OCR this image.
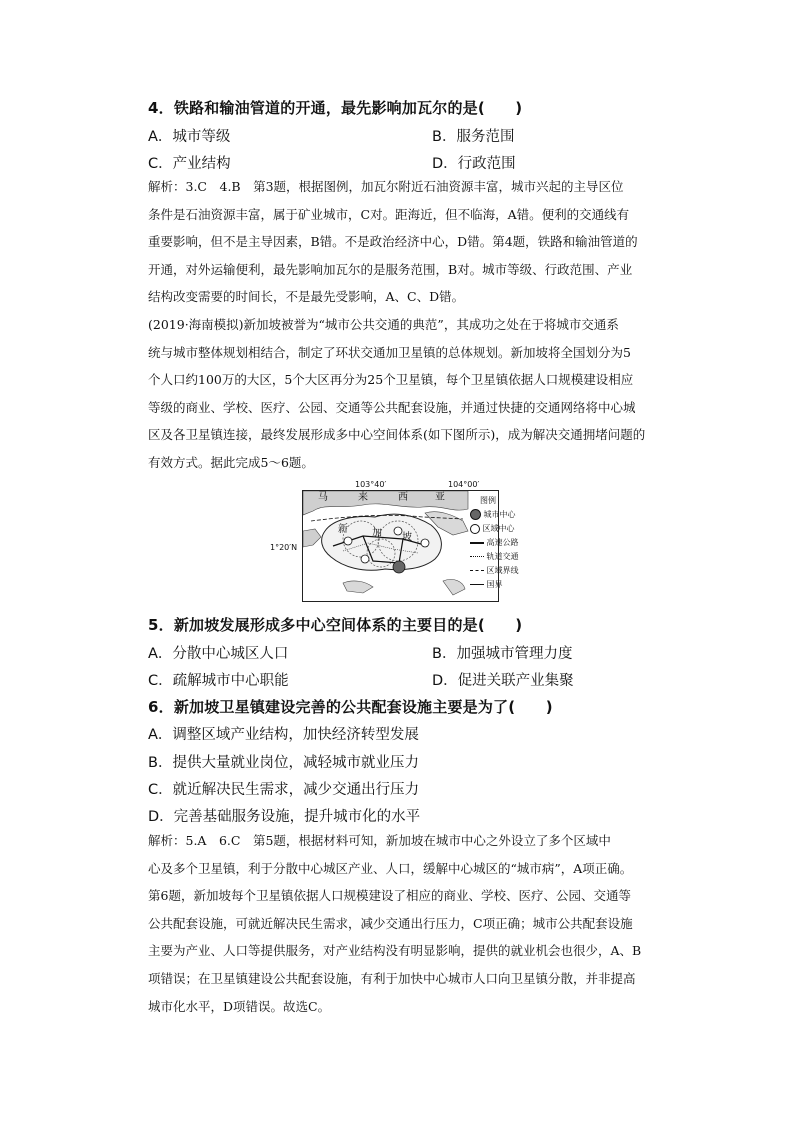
4．铁路和输油管道的开通，最先影响加瓦尔的是(　　)
A．城市等级	B．服务范围
C．产业结构	D．行政范围
解析：3.C　4.B　第3题，根据图例，加瓦尔附近石油资源丰富，城市兴起的主导区位
条件是石油资源丰富，属于矿业城市，C对。距海近，但不临海，A错。便利的交通线有
重要影响，但不是主导因素，B错。不是政治经济中心，D错。第4题，铁路和输油管道的
开通，对外运输便利，最先影响加瓦尔的是服务范围，B对。城市等级、行政范围、产业
结构改变需要的时间长，不是最先受影响，A、C、D错。
(2019·海南模拟)新加坡被誉为“城市公共交通的典范”，其成功之处在于将城市交通系
统与城市整体规划相结合，制定了环状交通加卫星镇的总体规划。新加坡将全国划分为5
个人口约100万的大区，5个大区再分为25个卫星镇，每个卫星镇依据人口规模建设相应
等级的商业、学校、医疗、公园、交通等公共配套设施，并通过快捷的交通网络将中心城
区及各卫星镇连接，最终发展形成多中心空间体系(如下图所示)，成为解决交通拥堵问题的
有效方式。据此完成5～6题。
103°40′	104°00′
1°20′N
马	来	西	亚
新 加 坡
图例
城市中心
区域中心
高速公路
轨道交通
区域界线
国界
5．新加坡发展形成多中心空间体系的主要目的是(　　)
A．分散中心城区人口	B．加强城市管理力度
C．疏解城市中心职能	D．促进关联产业集聚
6．新加坡卫星镇建设完善的公共配套设施主要是为了(　　)
A．调整区域产业结构，加快经济转型发展
B．提供大量就业岗位，减轻城市就业压力
C．就近解决民生需求，减少交通出行压力
D．完善基础服务设施，提升城市化的水平
解析：5.A　6.C　第5题，根据材料可知，新加坡在城市中心之外设立了多个区域中
心及多个卫星镇，利于分散中心城区产业、人口，缓解中心城区的“城市病”，A项正确。
第6题，新加坡每个卫星镇依据人口规模建设了相应的商业、学校、医疗、公园、交通等
公共配套设施，可就近解决民生需求，减少交通出行压力，C项正确；城市公共配套设施
主要为产业、人口等提供服务，对产业结构没有明显影响，提供的就业机会也很少，A、B
项错误；在卫星镇建设公共配套设施，有利于加快中心城市人口向卫星镇分散，并非提高
城市化水平，D项错误。故选C。
